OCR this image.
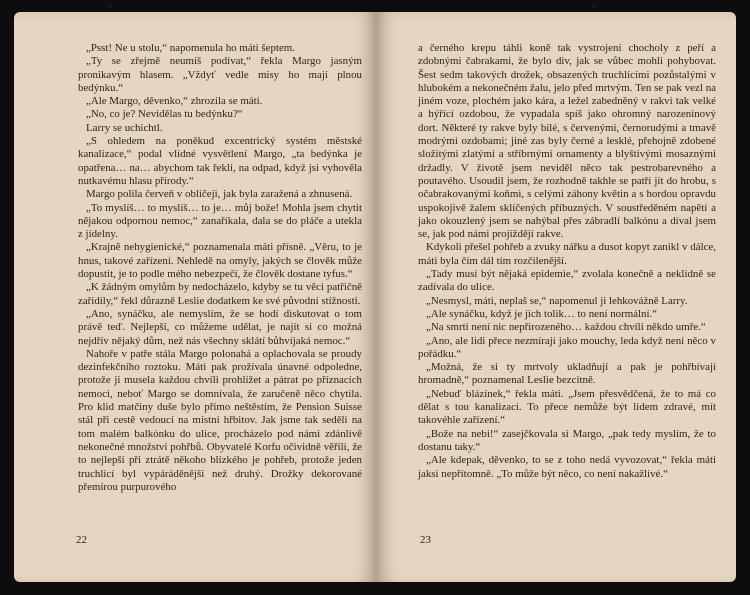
„Psst! Ne u stolu,“ napomenula ho máti šeptem.

„Ty se zřejmě neumíš podívat,“ řekla Margo jasným pronikavým hlasem. „Vždyť vedle misy ho mají plnou bedýnku.“

„Ale Margo, děvenko,“ zhrozila se máti.

„No, co je? Nevidělas tu bedýnku?“

Larry se uchichtl.

„S ohledem na poněkud excentrický systém městské kanalizace,“ podal vlídné vysvětlení Margo, „ta bedýnka je opatřena… na… abychom tak řekli, na odpad, když jsi vyhověla nutkavému hlasu přírody.“

Margo polila červeň v obličeji, jak byla zaražená a zhnusená.

„To myslíš… to myslíš… to je… můj bože! Mohla jsem chytit nějakou odpornou nemoc,“ zanaříkala, dala se do pláče a utekla z jídelny.

„Krajně nehygienické,“ poznamenala máti přísně. „Věru, to je hnus, takové zařízení. Nehledě na omyly, jakých se člověk může dopustit, je to podle mého nebezpečí, že člověk dostane tyfus.“

„K žádným omylům by nedocházelo, kdyby se tu věci patřičně zařídily,“ řekl důrazně Leslie dodatkem ke své původní stížnosti.

„Ano, synáčku, ale nemyslím, že se hodí diskutovat o tom právě teď. Nejlepší, co můžeme udělat, je najít si co možná nejdřív nějaký dům, než nás všechny sklátí bůhvíjaká nemoc.“

Nahoře v patře stála Margo polonahá a oplachovala se proudy dezinfekčního roztoku. Máti pak prožívala únavné odpoledne, protože ji musela každou chvíli prohlížet a pátrat po příznacích nemoci, neboť Margo se domnívala, že zaručeně něco chytila. Pro klid matčiny duše bylo přímo neštěstím, že Pension Suisse stál při cestě vedoucí na místní hřbitov. Jak jsme tak seděli na tom malém balkónku do ulice, procházelo pod námi zdánlivě nekonečné množství pohřbů. Obyvatelé Korfu očividně věřili, že to nejlepší při ztrátě někoho blízkého je pohřeb, protože jeden truchlicí byl vypáráděnější než druhý. Drožky dekorované přemírou purpurového

22

a černého krepu táhli koně tak vystrojení chocholy z peří a zdobnými čabrakami, že bylo div, jak se vůbec mohli pohybovat. Šest sedm takových drožek, obsazených truchlícími pozůstalými v hlubokém a nekonečném žalu, jelo před mrtvým. Ten se pak vezl na jiném voze, plochém jako kára, a ležel zabedněný v rakvi tak velké a hýřící ozdobou, že vypadala spíš jako ohromný narozeninový dort. Některé ty rakve byly bílé, s červenými, černorudými a tmavě modrými ozdobami; jiné zas byly černé a lesklé, přehojně zdobené složitými zlatými a stříbrnými ornamenty a blyštivými mosaznými držadly. V životě jsem neviděl něco tak pestrobarevného a poutavého. Usoudil jsem, že rozhodně takhle se patří jít do hrobu, s očabrakovanými koňmi, s celými záhony květin a s hordou opravdu uspokojivě žalem sklíčených příbuzných. V soustředěném napětí a jako okouzlený jsem se nahýbal přes zábradlí balkónu a díval jsem se, jak pod námi projíždějí rakve.

Kdykoli přešel pohřeb a zvuky nářku a dusot kopyt zanikl v dálce, máti byla čím dál tím rozčilenější.

„Tady musí být nějaká epidemie,“ zvolala konečně a neklidně se zadívala do ulice.

„Nesmysl, máti, neplaš se,“ napomenul ji lehkovážně Larry.

„Ale synáčku, když je jich tolik… to není normální.“

„Na smrti není nic nepřirozeného… každou chvíli někdo umře.“

„Ano, ale lidi přece nezmírají jako mouchy, leda když není něco v pořádku.“

„Možná, že si ty mrtvoly ukladňují a pak je pohřbívají hromadně,“ poznamenal Leslie bezcitně.

„Nebuď blázínek,“ řekla máti. „Jsem přesvědčená, že to má co dělat s tou kanalizací. To přece nemůže být lidem zdravé, mít takovéhle zařízení.“

„Bože na nebi!“ zasejčkovala si Margo, „pak tedy myslím, že to dostanu taky.“

„Ale kdepak, děvenko, to se z toho nedá vyvozovat,“ řekla máti jaksi nepřítomně. „To může být něco, co není nakažlivé.“

23
